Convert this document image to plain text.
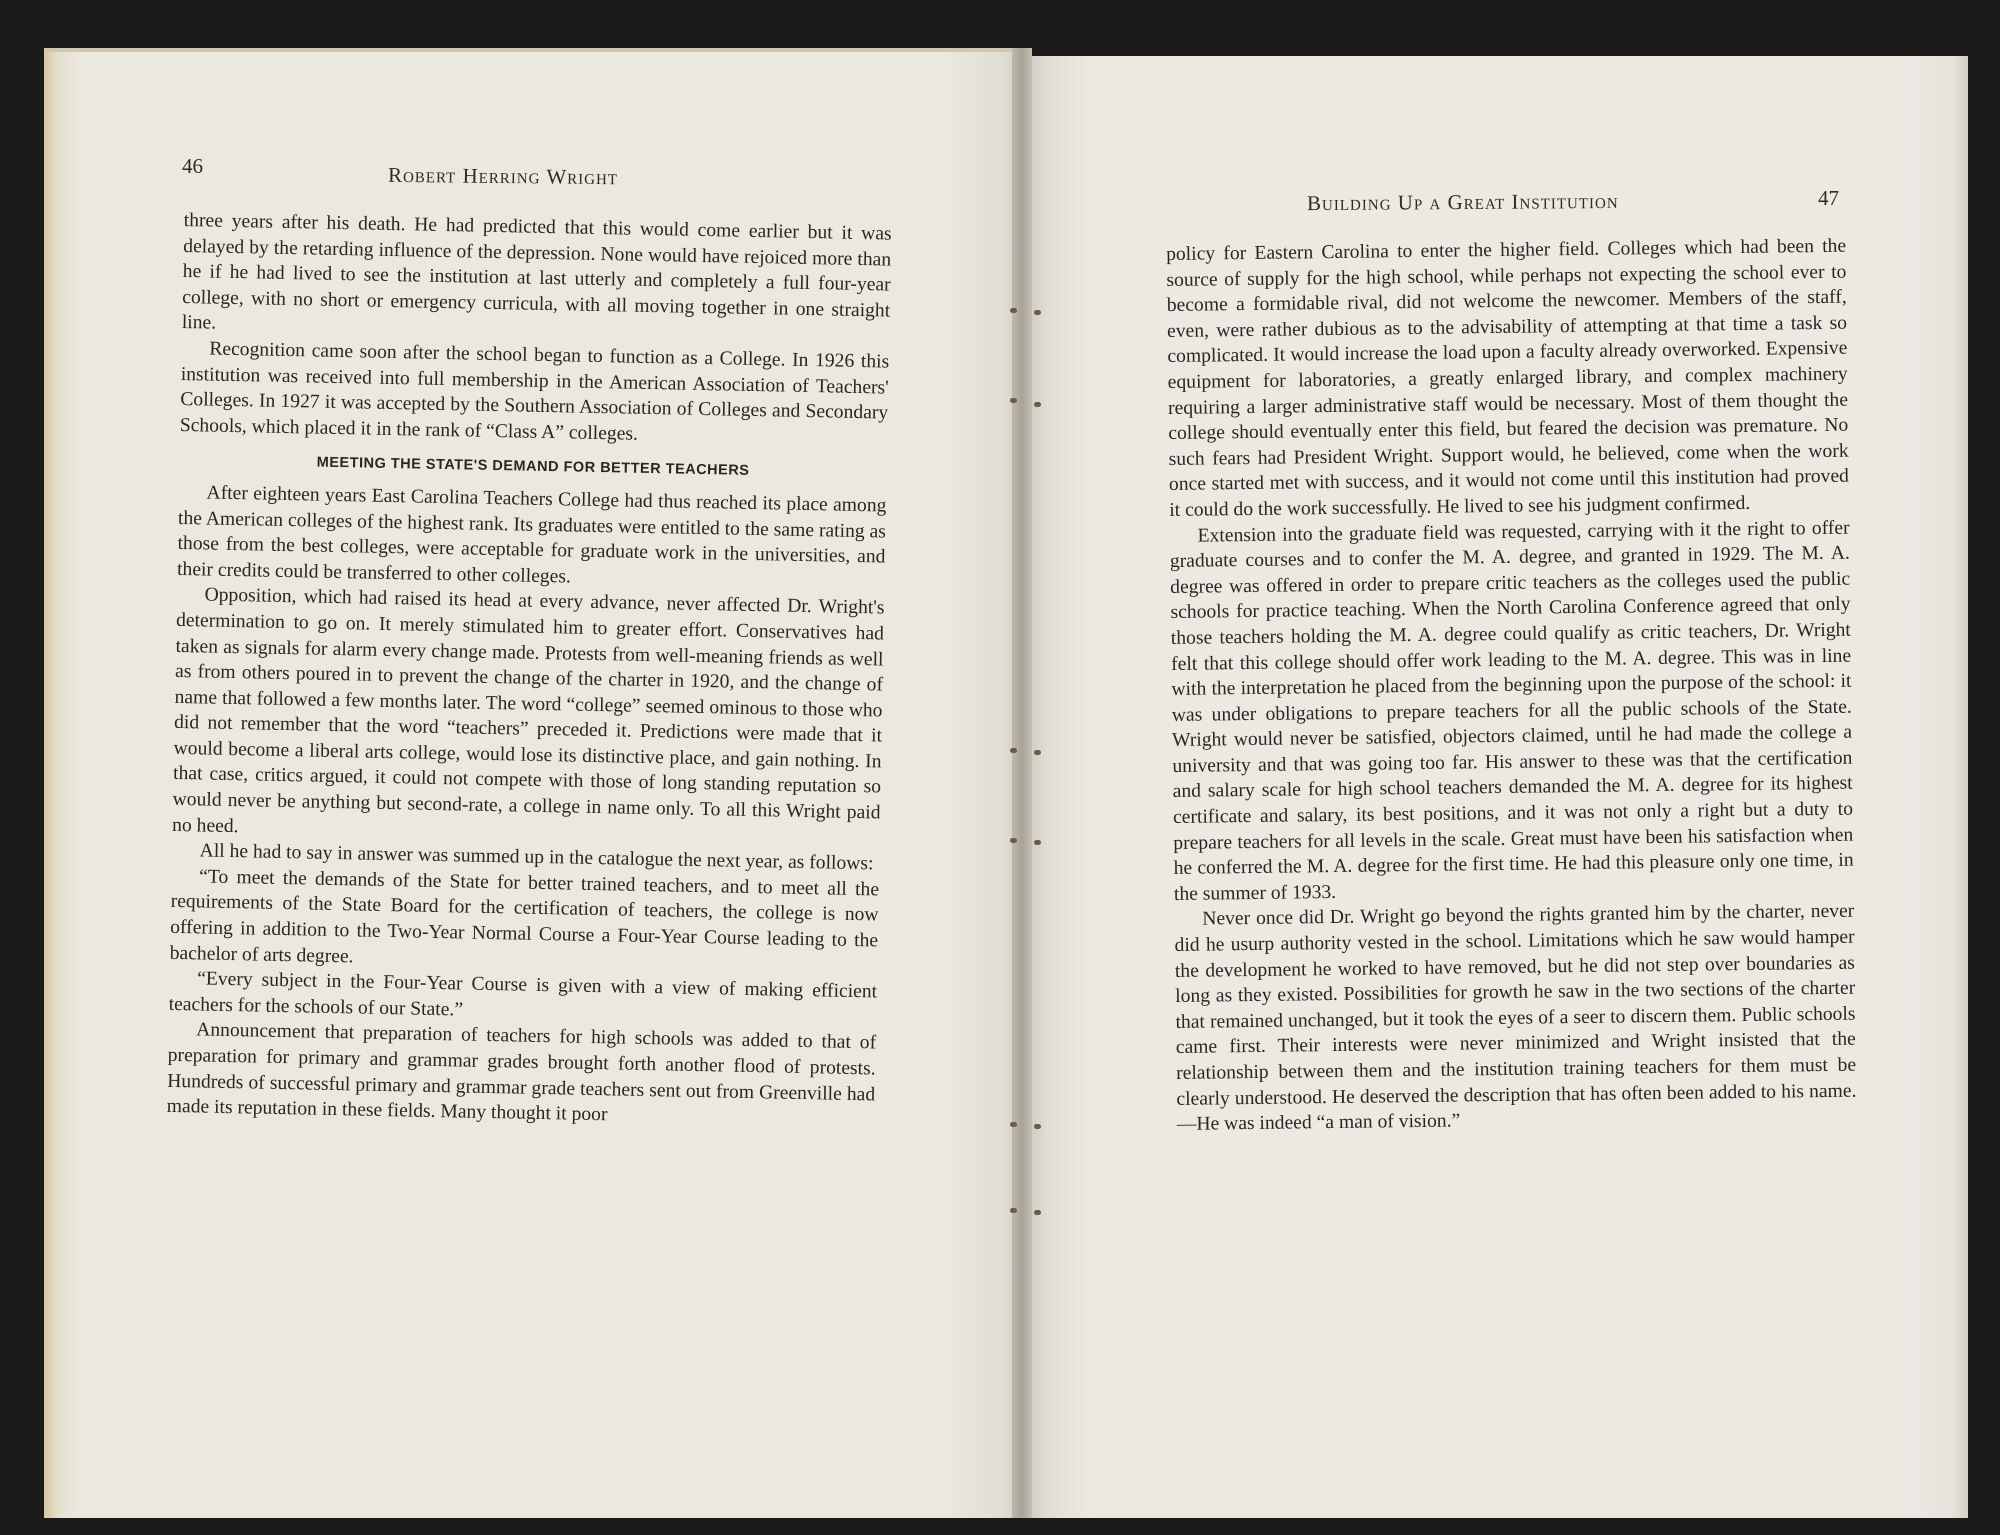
46	Robert Herring Wright

three years after his death. He had predicted that this would come earlier but it was delayed by the retarding influence of the depression. None would have rejoiced more than he if he had lived to see the institution at last utterly and completely a full four-year college, with no short or emergency curricula, with all moving together in one straight line.

Recognition came soon after the school began to function as a College. In 1926 this institution was received into full membership in the American Association of Teachers' Colleges. In 1927 it was accepted by the Southern Association of Colleges and Secondary Schools, which placed it in the rank of “Class A” colleges.

MEETING THE STATE'S DEMAND FOR BETTER TEACHERS

After eighteen years East Carolina Teachers College had thus reached its place among the American colleges of the highest rank. Its graduates were entitled to the same rating as those from the best colleges, were acceptable for graduate work in the universities, and their credits could be transferred to other colleges.

Opposition, which had raised its head at every advance, never affected Dr. Wright's determination to go on. It merely stimulated him to greater effort. Conservatives had taken as signals for alarm every change made. Protests from well-meaning friends as well as from others poured in to prevent the change of the charter in 1920, and the change of name that followed a few months later. The word “college” seemed ominous to those who did not remember that the word “teachers” preceded it. Predictions were made that it would become a liberal arts college, would lose its distinctive place, and gain nothing. In that case, critics argued, it could not compete with those of long standing reputation so would never be anything but second-rate, a college in name only. To all this Wright paid no heed.

All he had to say in answer was summed up in the catalogue the next year, as follows:

“To meet the demands of the State for better trained teachers, and to meet all the requirements of the State Board for the certification of teachers, the college is now offering in addition to the Two-Year Normal Course a Four-Year Course leading to the bachelor of arts degree.

“Every subject in the Four-Year Course is given with a view of making efficient teachers for the schools of our State.”

Announcement that preparation of teachers for high schools was added to that of preparation for primary and grammar grades brought forth another flood of protests. Hundreds of successful primary and grammar grade teachers sent out from Greenville had made its reputation in these fields. Many thought it poor

Building Up a Great Institution	47

policy for Eastern Carolina to enter the higher field. Colleges which had been the source of supply for the high school, while perhaps not expecting the school ever to become a formidable rival, did not welcome the newcomer. Members of the staff, even, were rather dubious as to the advisability of attempting at that time a task so complicated. It would increase the load upon a faculty already overworked. Expensive equipment for laboratories, a greatly enlarged library, and complex machinery requiring a larger administrative staff would be necessary. Most of them thought the college should eventually enter this field, but feared the decision was premature. No such fears had President Wright. Support would, he believed, come when the work once started met with success, and it would not come until this institution had proved it could do the work successfully. He lived to see his judgment confirmed.

Extension into the graduate field was requested, carrying with it the right to offer graduate courses and to confer the M. A. degree, and granted in 1929. The M. A. degree was offered in order to prepare critic teachers as the colleges used the public schools for practice teaching. When the North Carolina Conference agreed that only those teachers holding the M. A. degree could qualify as critic teachers, Dr. Wright felt that this college should offer work leading to the M. A. degree. This was in line with the interpretation he placed from the beginning upon the purpose of the school: it was under obligations to prepare teachers for all the public schools of the State. Wright would never be satisfied, objectors claimed, until he had made the college a university and that was going too far. His answer to these was that the certification and salary scale for high school teachers demanded the M. A. degree for its highest certificate and salary, its best positions, and it was not only a right but a duty to prepare teachers for all levels in the scale. Great must have been his satisfaction when he conferred the M. A. degree for the first time. He had this pleasure only one time, in the summer of 1933.

Never once did Dr. Wright go beyond the rights granted him by the charter, never did he usurp authority vested in the school. Limitations which he saw would hamper the development he worked to have removed, but he did not step over boundaries as long as they existed. Possibilities for growth he saw in the two sections of the charter that remained unchanged, but it took the eyes of a seer to discern them. Public schools came first. Their interests were never minimized and Wright insisted that the relationship between them and the institution training teachers for them must be clearly understood. He deserved the description that has often been added to his name.—He was indeed “a man of vision.”
